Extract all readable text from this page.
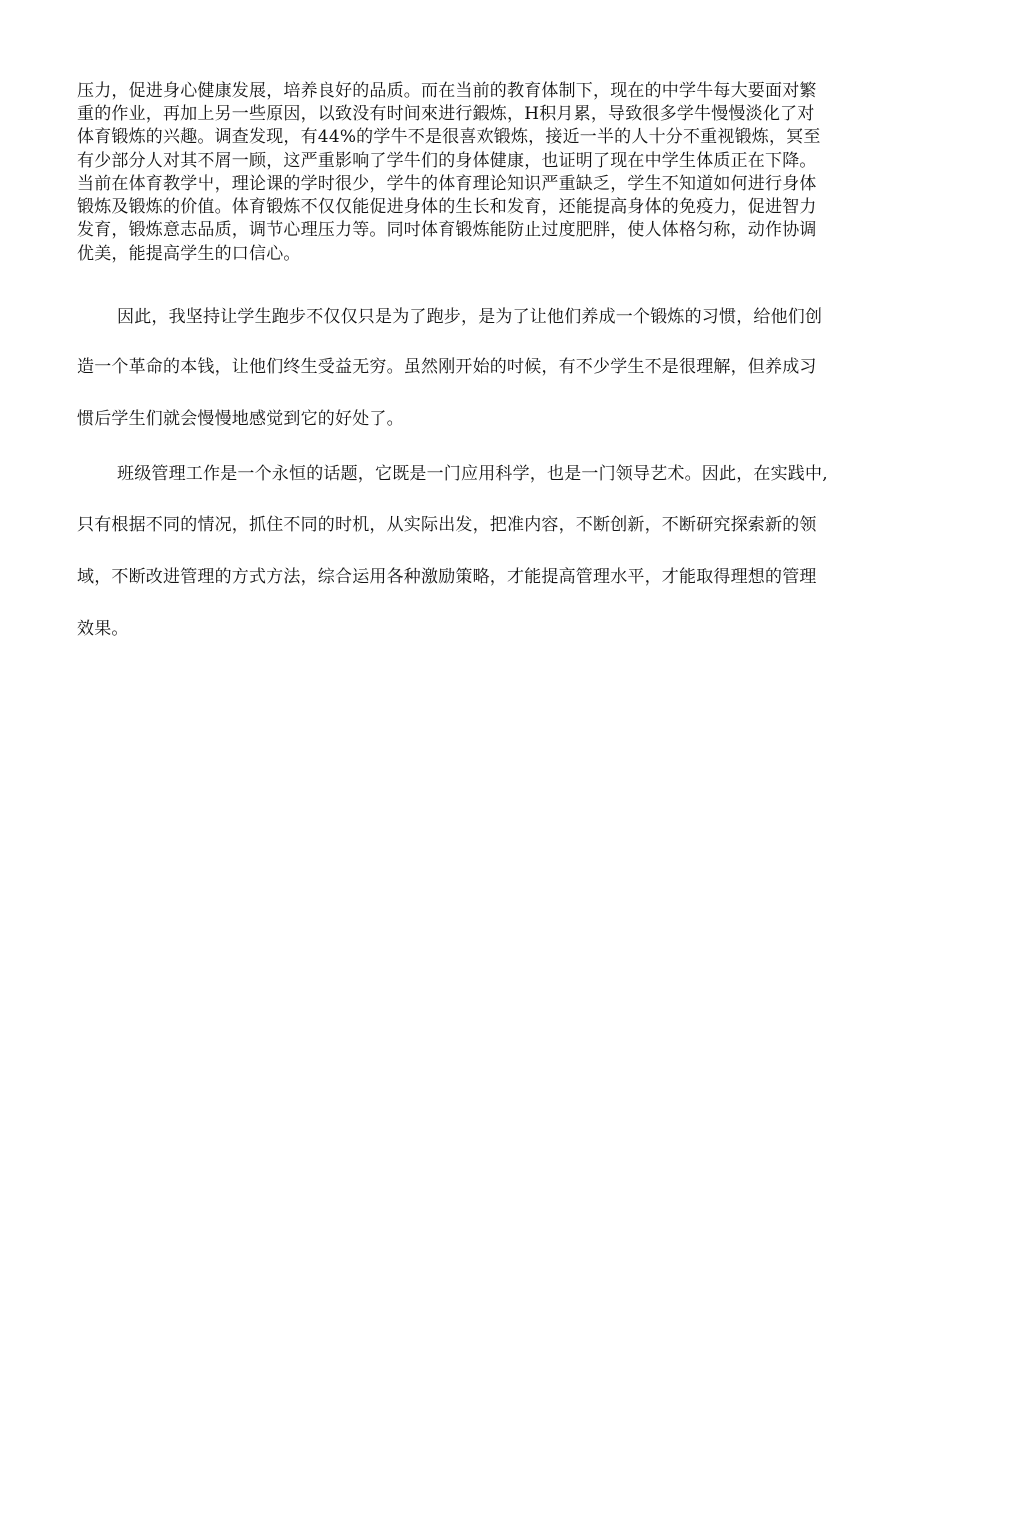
压力，促进身心健康发展，培养良好的品质。而在当前的教育体制下，现在的中学牛每大要面对繁
重的作业，再加上另一些原因，以致没有时间來进行鍜炼，H积月累，导致很多学牛慢慢淡化了对
体育锻炼的兴趣。调查发现，有44%的学牛不是很喜欢锻炼，接近一半的人十分不重视锻炼，冥至
有少部分人对其不屑一顾，这严重影响了学牛们的身体健康，也证明了现在中学生体质正在下降。
当前在体育教学屮，理论课的学时很少，学牛的体育理论知识严重缺乏，学生不知道如何进行身体
锻炼及锻炼的价值。体育锻炼不仅仅能促进身体的生长和发育，还能提高身体的免疫力，促进智力
发育，锻炼意志品质，调节心理压力等。同吋体育锻炼能防止过度肥胖，使人体格匀称，动作协调
优美，能提高学生的口信心。
因此，我坚持让学生跑步不仅仅只是为了跑步，是为了让他们养成一个锻炼的习惯，给他们创
造一个革命的本钱，让他们终生受益无穷。虽然刚开始的吋候，有不少学生不是很理解，但养成习
惯后学生们就会慢慢地感觉到它的好处了。
班级管理工作是一个永恒的话题，它既是一门应用科学，也是一门领导艺术。因此，在实践中,
只有根据不同的情况，抓住不同的时机，从实际出发，把准内容，不断创新，不断研究探索新的领
域，不断改进管理的方式方法，综合运用各种激励策略，才能提高管理水平，才能取得理想的管理
效果。
